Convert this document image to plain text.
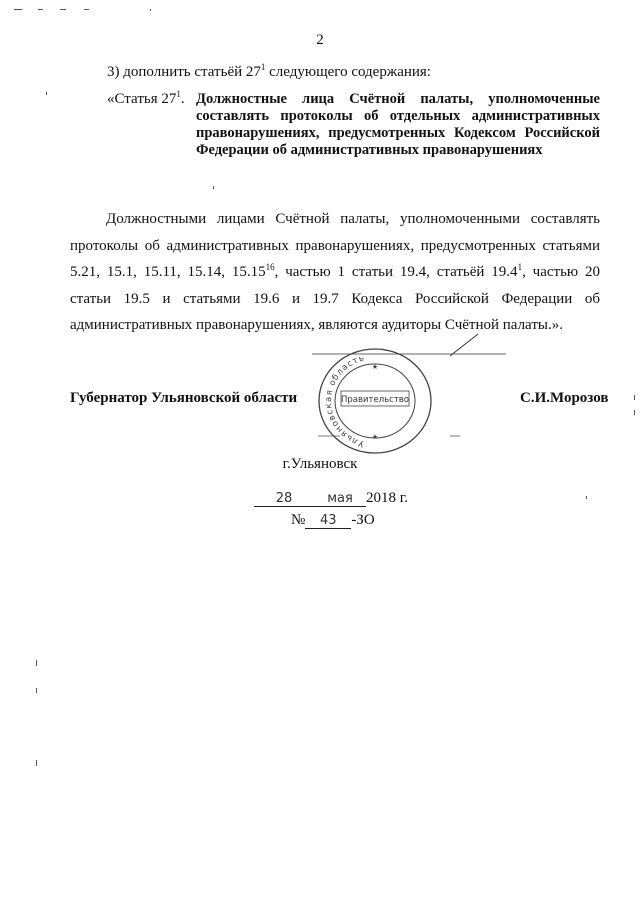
2
3) дополнить статьёй $27^1$ следующего содержания:
«Статья $27^1$. Должностные лица Счётной палаты, уполномоченные составлять протоколы об отдельных административных правонарушениях, предусмотренных Кодексом Российской Федерации об административных правонарушениях
Должностными лицами Счётной палаты, уполномоченными составлять протоколы об административных правонарушениях, предусмотренных статьями 5.21, 15.1, 15.11, 15.14, 15.15$^{16}$, частью 1 статьи 19.4, статьёй 19.4$^1$, частью 20 статьи 19.5 и статьями 19.6 и 19.7 Кодекса Российской Федерации об административных правонарушениях, являются аудиторы Счётной палаты.».
Ульяновская область
Правительство
★
★
Губернатор Ульяновской области	С.И.Морозов
г.Ульяновск
28	мая 2018 г.
№ 43 -ЗО
